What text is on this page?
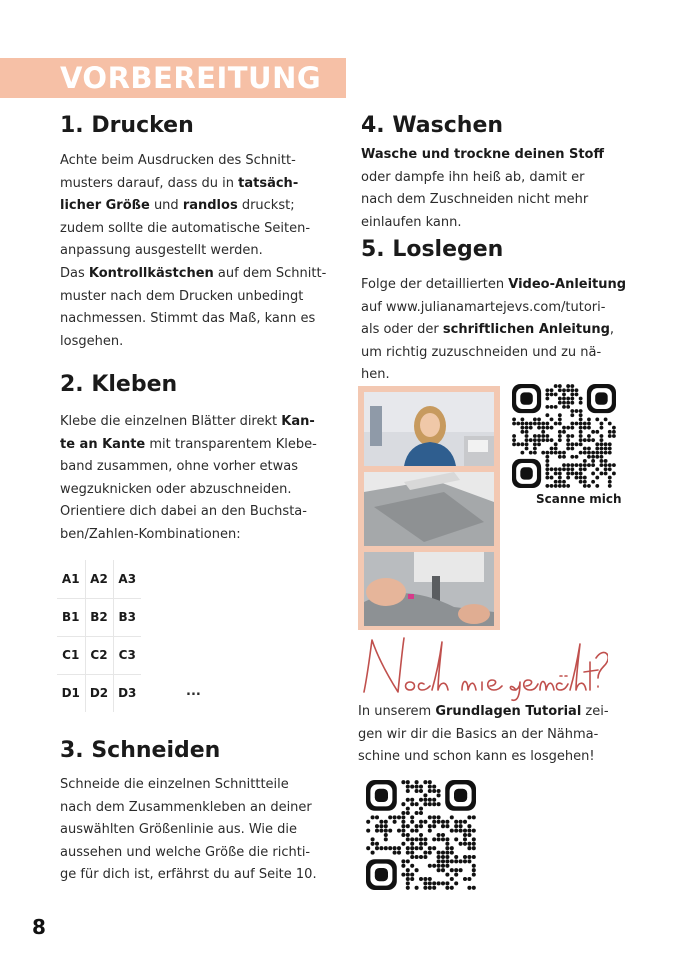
VORBEREITUNG
1. Drucken
Achte beim Ausdrucken des Schnitt-
musters darauf, dass du in tatsäch-
licher Größe und randlos druckst;
zudem sollte die automatische Seiten-
anpassung ausgestellt werden.
Das Kontrollkästchen auf dem Schnitt-
muster nach dem Drucken unbedingt
nachmessen. Stimmt das Maß, kann es
losgehen.
2. Kleben
Klebe die einzelnen Blätter direkt Kan-
te an Kante mit transparentem Klebe-
band zusammen, ohne vorher etwas
wegzuknicken oder abzuschneiden.
Orientiere dich dabei an den Buchsta-
ben/Zahlen-Kombinationen:
A1	A2	A3
B1	B2	B3
C1	C2	C3
D1	D2	D3	...
3. Schneiden
Schneide die einzelnen Schnittteile
nach dem Zusammenkleben an deiner
auswählten Größenlinie aus. Wie die
aussehen und welche Größe die richti-
ge für dich ist, erfährst du auf Seite 10.
4. Waschen
Wasche und trockne deinen Stoff
oder dampfe ihn heiß ab, damit er
nach dem Zuschneiden nicht mehr
einlaufen kann.
5. Loslegen
Folge der detaillierten Video-Anleitung
auf www.julianamartejevs.com/tutori-
als oder der schriftlichen Anleitung,
um richtig zuzuschneiden und zu nä-
hen.
Scanne mich
In unserem Grundlagen Tutorial zei-
gen wir dir die Basics an der Nähma-
schine und schon kann es losgehen!
8
